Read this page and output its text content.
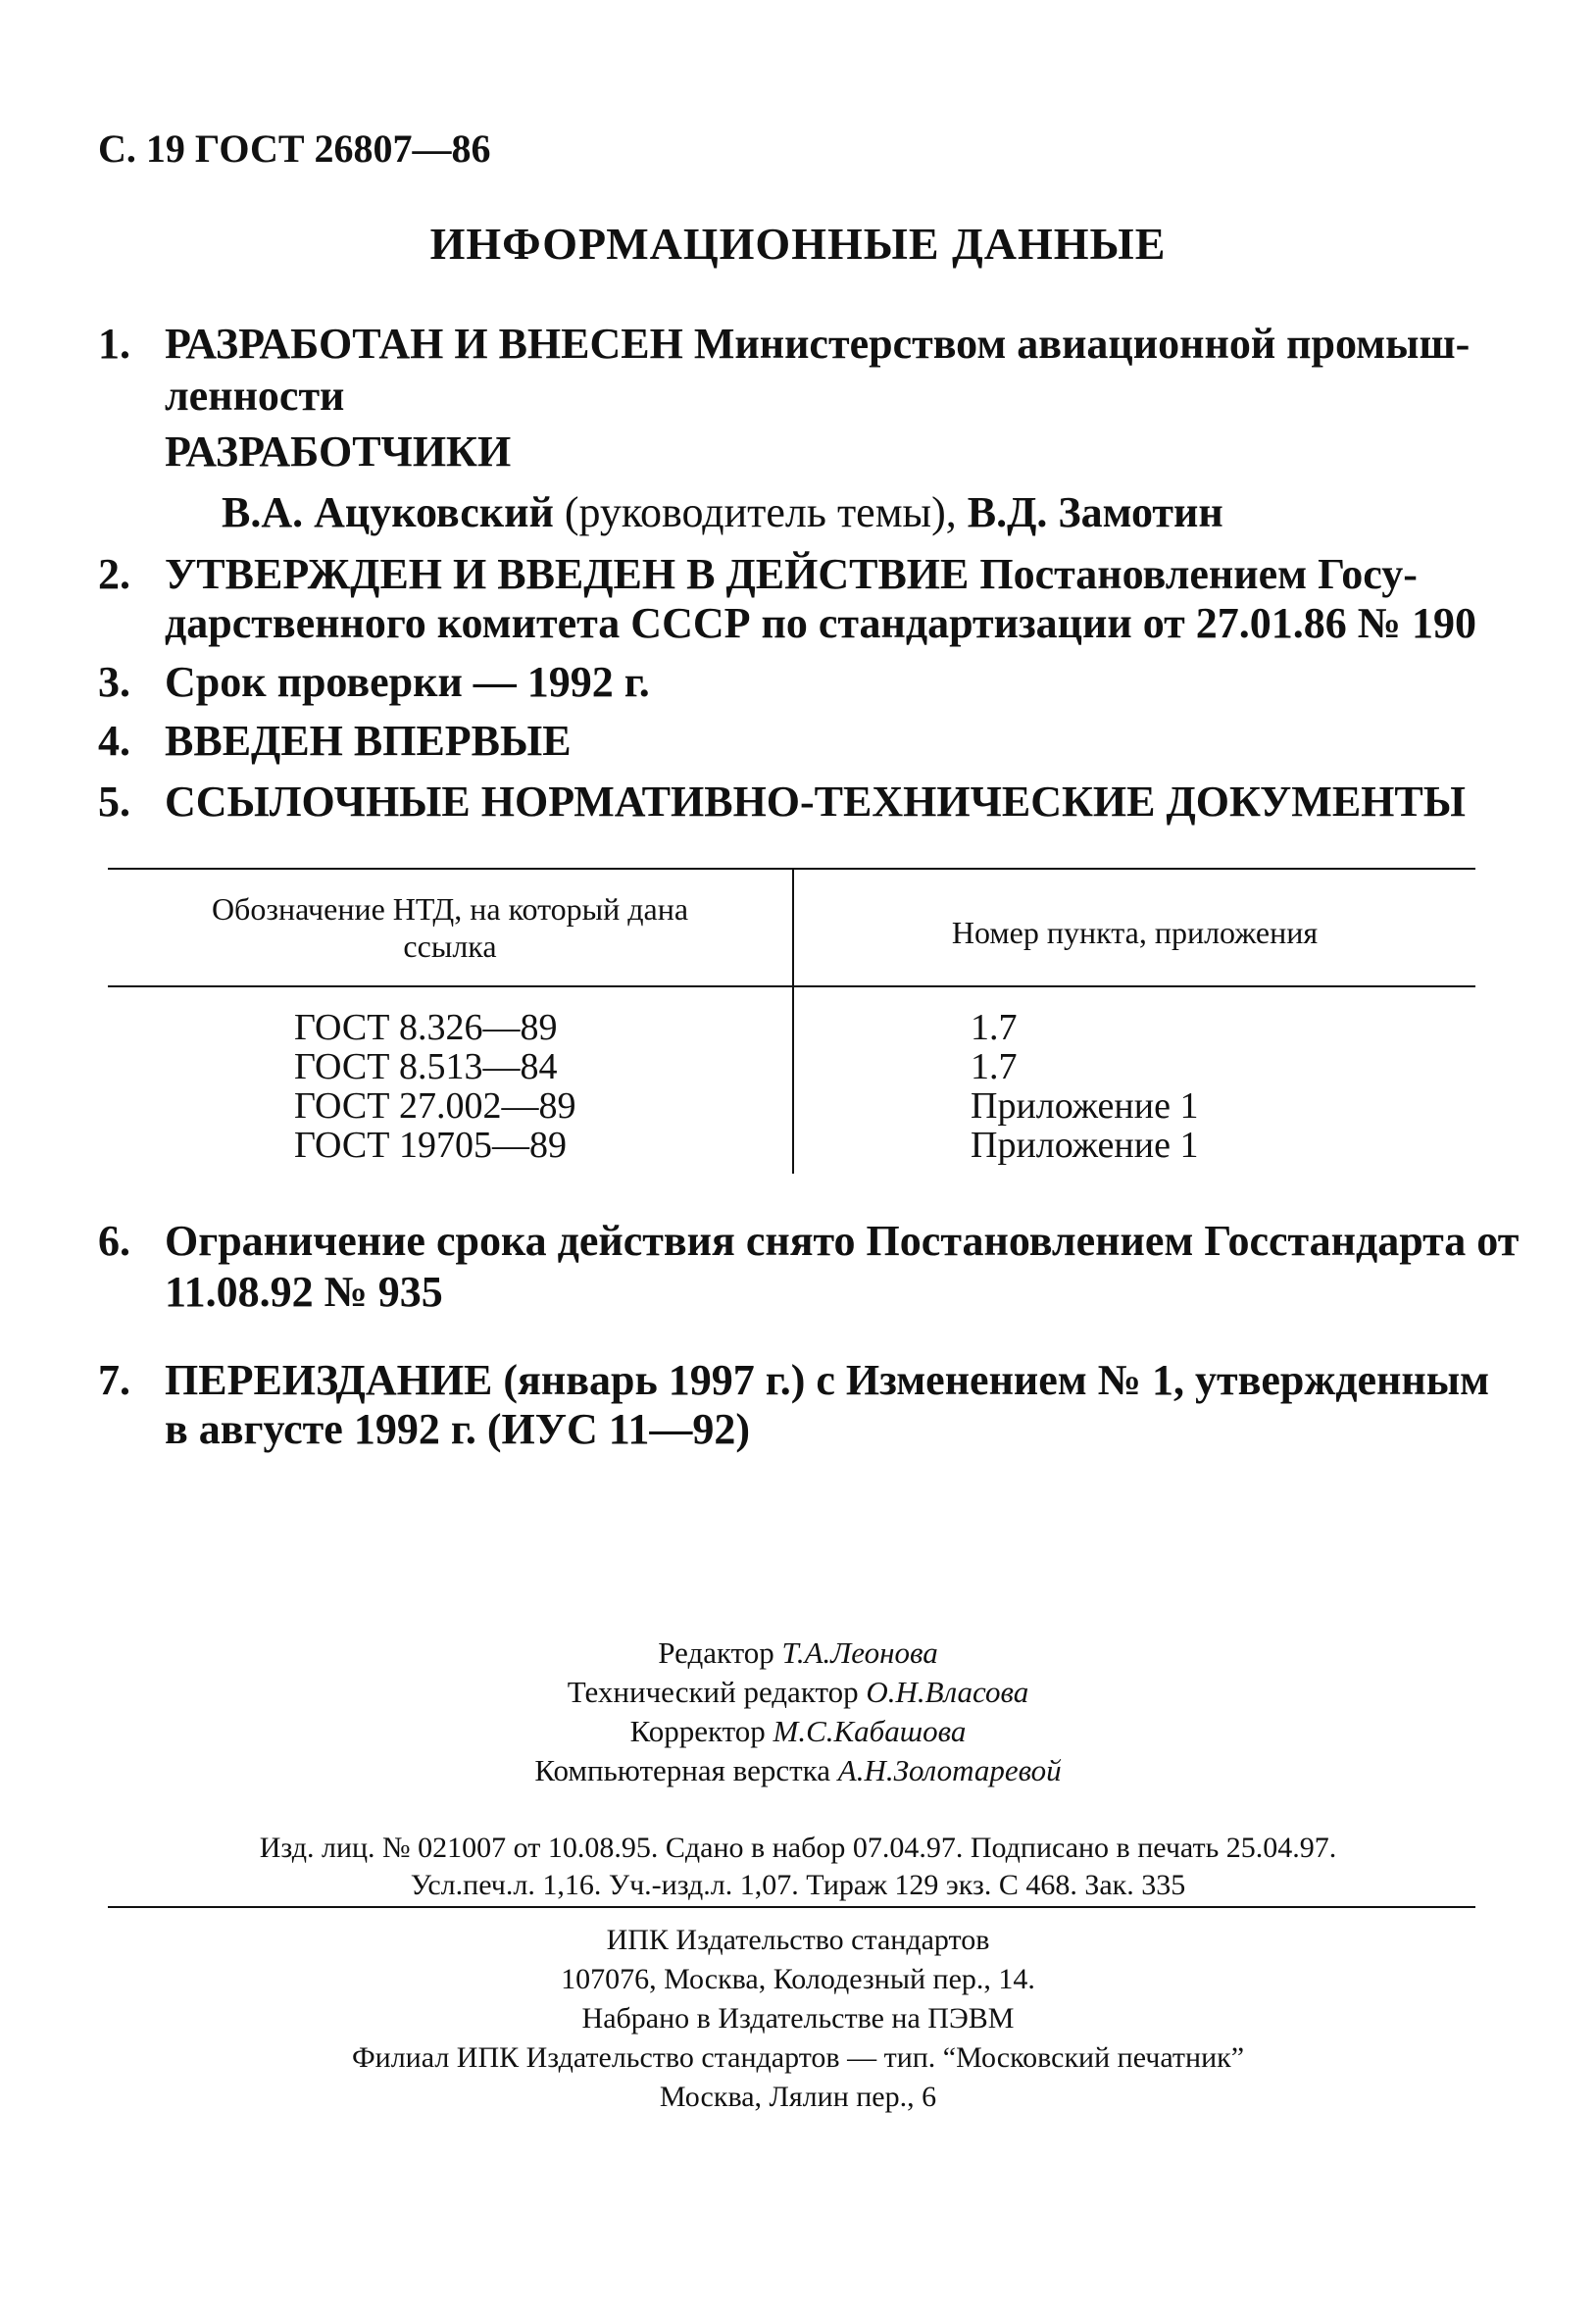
С. 19 ГОСТ 26807—86
ИНФОРМАЦИОННЫЕ ДАННЫЕ
1. РАЗРАБОТАН И ВНЕСЕН Министерством авиационной промыш-
ленности
РАЗРАБОТЧИКИ
В.А. Ацуковский (руководитель темы), В.Д. Замотин
2. УТВЕРЖДЕН И ВВЕДЕН В ДЕЙСТВИЕ Постановлением Госу-
дарственного комитета СССР по стандартизации от 27.01.86 № 190
3. Срок проверки — 1992 г.
4. ВВЕДЕН ВПЕРВЫЕ
5. ССЫЛОЧНЫЕ НОРМАТИВНО-ТЕХНИЧЕСКИЕ ДОКУМЕНТЫ
Обозначение НТД, на который дана
ссылка	Номер пункта, приложения
ГОСТ 8.326—89	1.7
ГОСТ 8.513—84	1.7
ГОСТ 27.002—89	Приложение 1
ГОСТ 19705—89	Приложение 1
6. Ограничение срока действия снято Постановлением Госстандарта от
11.08.92 № 935
7. ПЕРЕИЗДАНИЕ (январь 1997 г.) с Изменением № 1, утвержденным
в августе 1992 г. (ИУС 11—92)
Редактор Т.А.Леонова
Технический редактор О.Н.Власова
Корректор М.С.Кабашова
Компьютерная верстка А.Н.Золотаревой
Изд. лиц. № 021007 от 10.08.95. Сдано в набор 07.04.97. Подписано в печать 25.04.97.
Усл.печ.л. 1,16. Уч.-изд.л. 1,07. Тираж 129 экз. С 468. Зак. 335
ИПК Издательство стандартов
107076, Москва, Колодезный пер., 14.
Набрано в Издательстве на ПЭВМ
Филиал ИПК Издательство стандартов — тип. “Московский печатник”
Москва, Лялин пер., 6
